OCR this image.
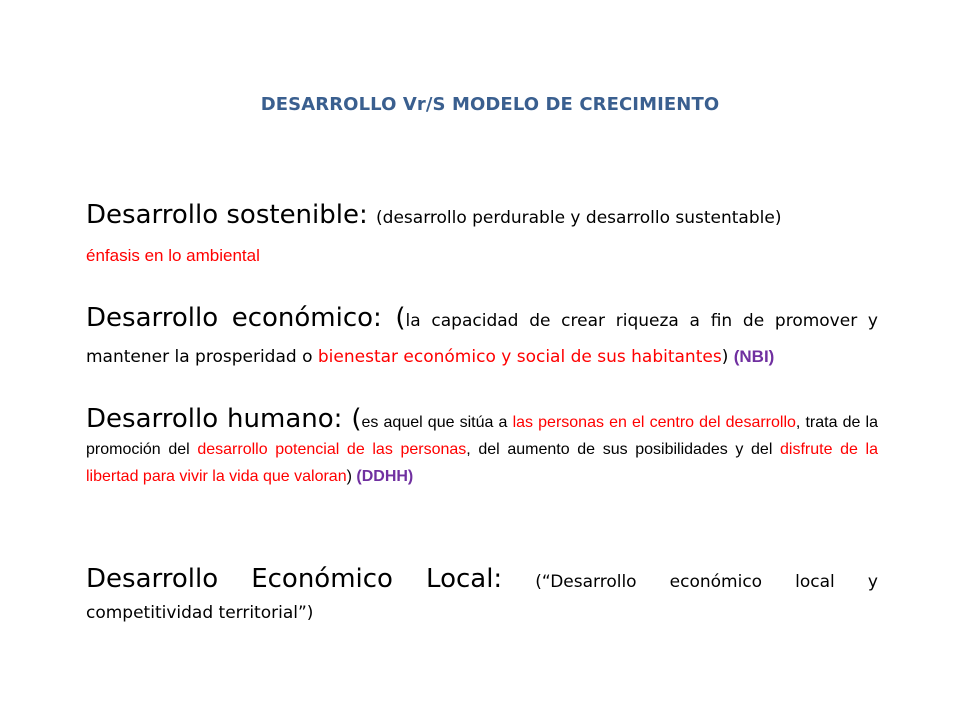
DESARROLLO Vr/S MODELO DE CRECIMIENTO
Desarrollo sostenible: (desarrollo perdurable y desarrollo sustentable)
énfasis en lo ambiental
Desarrollo económico: (la capacidad de crear riqueza a fin de promover y mantener la prosperidad o bienestar económico y social de sus habitantes) (NBI)
Desarrollo humano: (es aquel que sitúa a las personas en el centro del desarrollo, trata de la promoción del desarrollo potencial de las personas, del aumento de sus posibilidades y del disfrute de la libertad para vivir la vida que valoran) (DDHH)
Desarrollo Económico Local: (“Desarrollo económico local y
competitividad territorial”)
